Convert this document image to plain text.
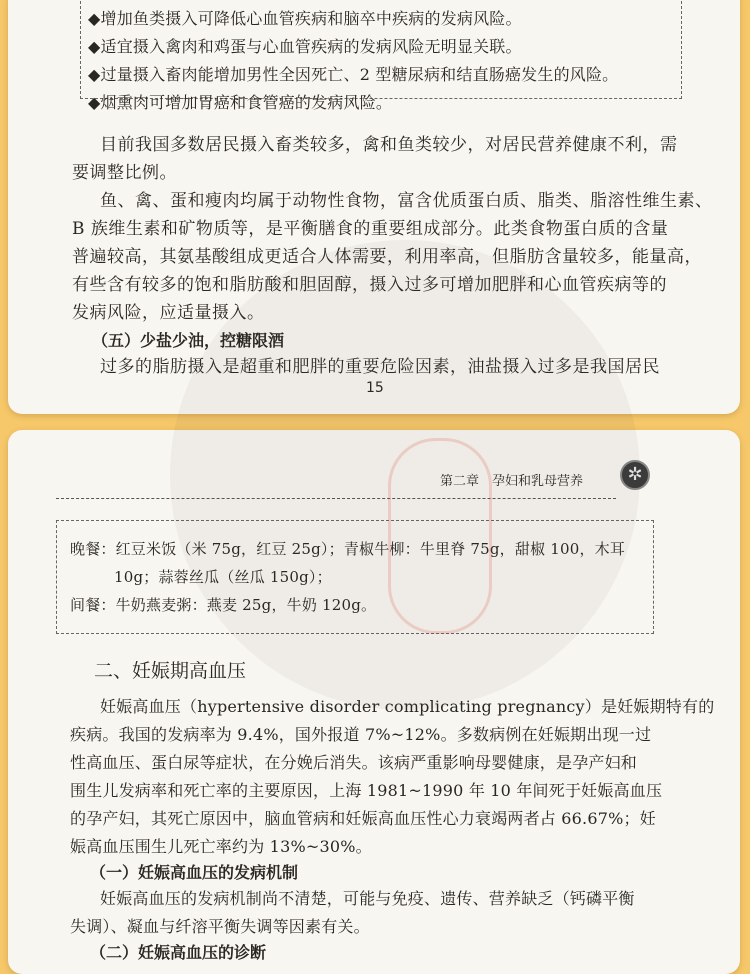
◆增加鱼类摄入可降低心血管疾病和脑卒中疾病的发病风险。
◆适宜摄入禽肉和鸡蛋与心血管疾病的发病风险无明显关联。
◆过量摄入畜肉能增加男性全因死亡、2 型糖尿病和结直肠癌发生的风险。
◆烟熏肉可增加胃癌和食管癌的发病风险。
目前我国多数居民摄入畜类较多，禽和鱼类较少，对居民营养健康不利，需
要调整比例。
鱼、禽、蛋和瘦肉均属于动物性食物，富含优质蛋白质、脂类、脂溶性维生素、
B 族维生素和矿物质等，是平衡膳食的重要组成部分。此类食物蛋白质的含量
普遍较高，其氨基酸组成更适合人体需要，利用率高，但脂肪含量较多，能量高，
有些含有较多的饱和脂肪酸和胆固醇，摄入过多可增加肥胖和心血管疾病等的
发病风险，应适量摄入。
（五）少盐少油，控糖限酒
过多的脂肪摄入是超重和肥胖的重要危险因素，油盐摄入过多是我国居民
15
第二章　孕妇和乳母营养
✲
晚餐：红豆米饭（米 75g，红豆 25g）；青椒牛柳：牛里脊 75g，甜椒 100，木耳
10g；蒜蓉丝瓜（丝瓜 150g）；
间餐：牛奶燕麦粥：燕麦 25g，牛奶 120g。
二、妊娠期高血压
妊娠高血压（hypertensive disorder complicating pregnancy）是妊娠期特有的
疾病。我国的发病率为 9.4%，国外报道 7%~12%。多数病例在妊娠期出现一过
性高血压、蛋白尿等症状，在分娩后消失。该病严重影响母婴健康，是孕产妇和
围生儿发病率和死亡率的主要原因，上海 1981~1990 年 10 年间死于妊娠高血压
的孕产妇，其死亡原因中，脑血管病和妊娠高血压性心力衰竭两者占 66.67%；妊
娠高血压围生儿死亡率约为 13%~30%。
（一）妊娠高血压的发病机制
妊娠高血压的发病机制尚不清楚，可能与免疫、遗传、营养缺乏（钙磷平衡
失调）、凝血与纤溶平衡失调等因素有关。
（二）妊娠高血压的诊断
